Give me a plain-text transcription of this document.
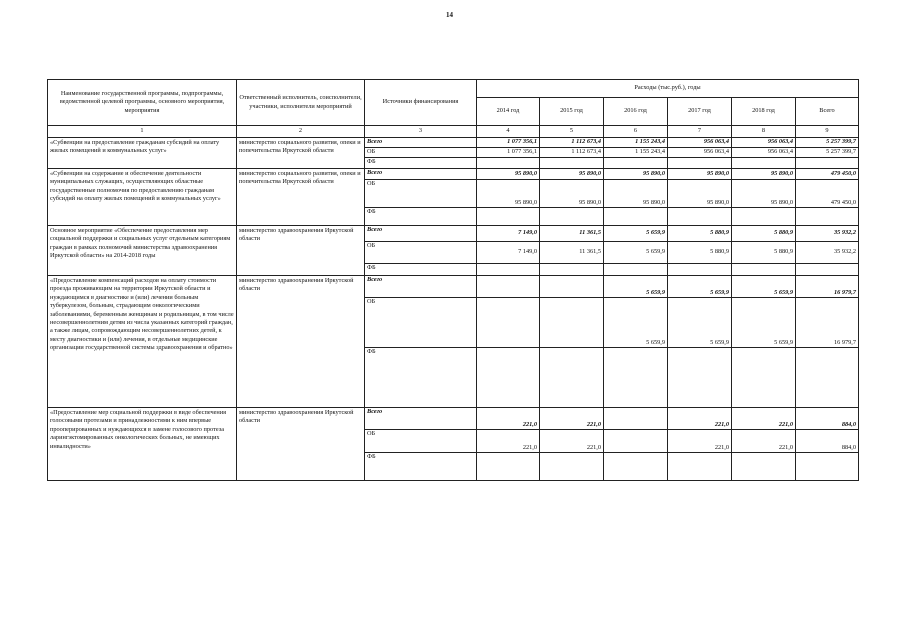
14
Наименование государственной программы, подпрограммы, ведомственной целевой программы, основного мероприятия, мероприятия	Ответственный исполнитель, соисполнители, участники, исполнители мероприятий	Источники финансирования	Расходы (тыс.руб.), годы					
			2014 год	2015 год	2016 год	2017 год	2018 год	Всего
1	2	3	4	5	6	7	8	9
«Субвенции на предоставление гражданам субсидий на оплату жилых помещений и коммунальных услуг»	министерство социального развития, опеки и попечительства Иркутской области	Всего	1 077 356,1	1 112 673,4	1 155 243,4	956 063,4	956 063,4	5 257 399,7
		ОБ	1 077 356,1	1 112 673,4	1 155 243,4	956 063,4	956 063,4	5 257 399,7
		ФБ						
«Субвенции на содержание и обеспечение деятельности муниципальных служащих, осуществляющих областные государственные полномочия по предоставлению гражданам субсидий на оплату жилых помещений и коммунальных услуг»	министерство социального развития, опеки и попечительства Иркутской области	Всего	95 890,0	95 890,0	95 890,0	95 890,0	95 890,0	479 450,0
		ОБ	95 890,0	95 890,0	95 890,0	95 890,0	95 890,0	479 450,0
		ФБ						
Основное мероприятие «Обеспечение предоставления мер социальной поддержки и социальных услуг отдельным категориям граждан в рамках полномочий министерства здравоохранения Иркутской области» на 2014-2018 годы	министерство здравоохранения Иркутской области	Всего	7 149,0	11 361,5	5 659,9	5 880,9	5 880,9	35 932,2
		ОБ	7 149,0	11 361,5	5 659,9	5 880,9	5 880,9	35 932,2
		ФБ						
«Предоставление компенсаций расходов на оплату стоимости проезда проживающим на территории Иркутской области и нуждающимся в диагностике и (или) лечении больным туберкулезом, больным, страдающим онкологическими заболеваниями, беременным женщинам и родильницам, в том числе несовершеннолетним детям из числа указанных категорий граждан, а также лицам, сопровождающим несовершеннолетних детей, к месту диагностики и (или) лечения, в отдельные медицинские организации государственной системы здравоохранения и обратно»	министерство здравоохранения Иркутской области	Всего			5 659,9	5 659,9	5 659,9	16 979,7
		ОБ			5 659,9	5 659,9	5 659,9	16 979,7
		ФБ						
«Предоставление мер социальной поддержки в виде обеспечения голосовыми протезами и принадлежностями к ним впервые прооперированных и нуждающихся в замене голосового протеза ларингэктомированных онкологических больных, не имеющих инвалидности»	министерство здравоохранения Иркутской области	Всего	221,0	221,0		221,0	221,0	884,0
		ОБ	221,0	221,0		221,0	221,0	884,0
		ФБ						
